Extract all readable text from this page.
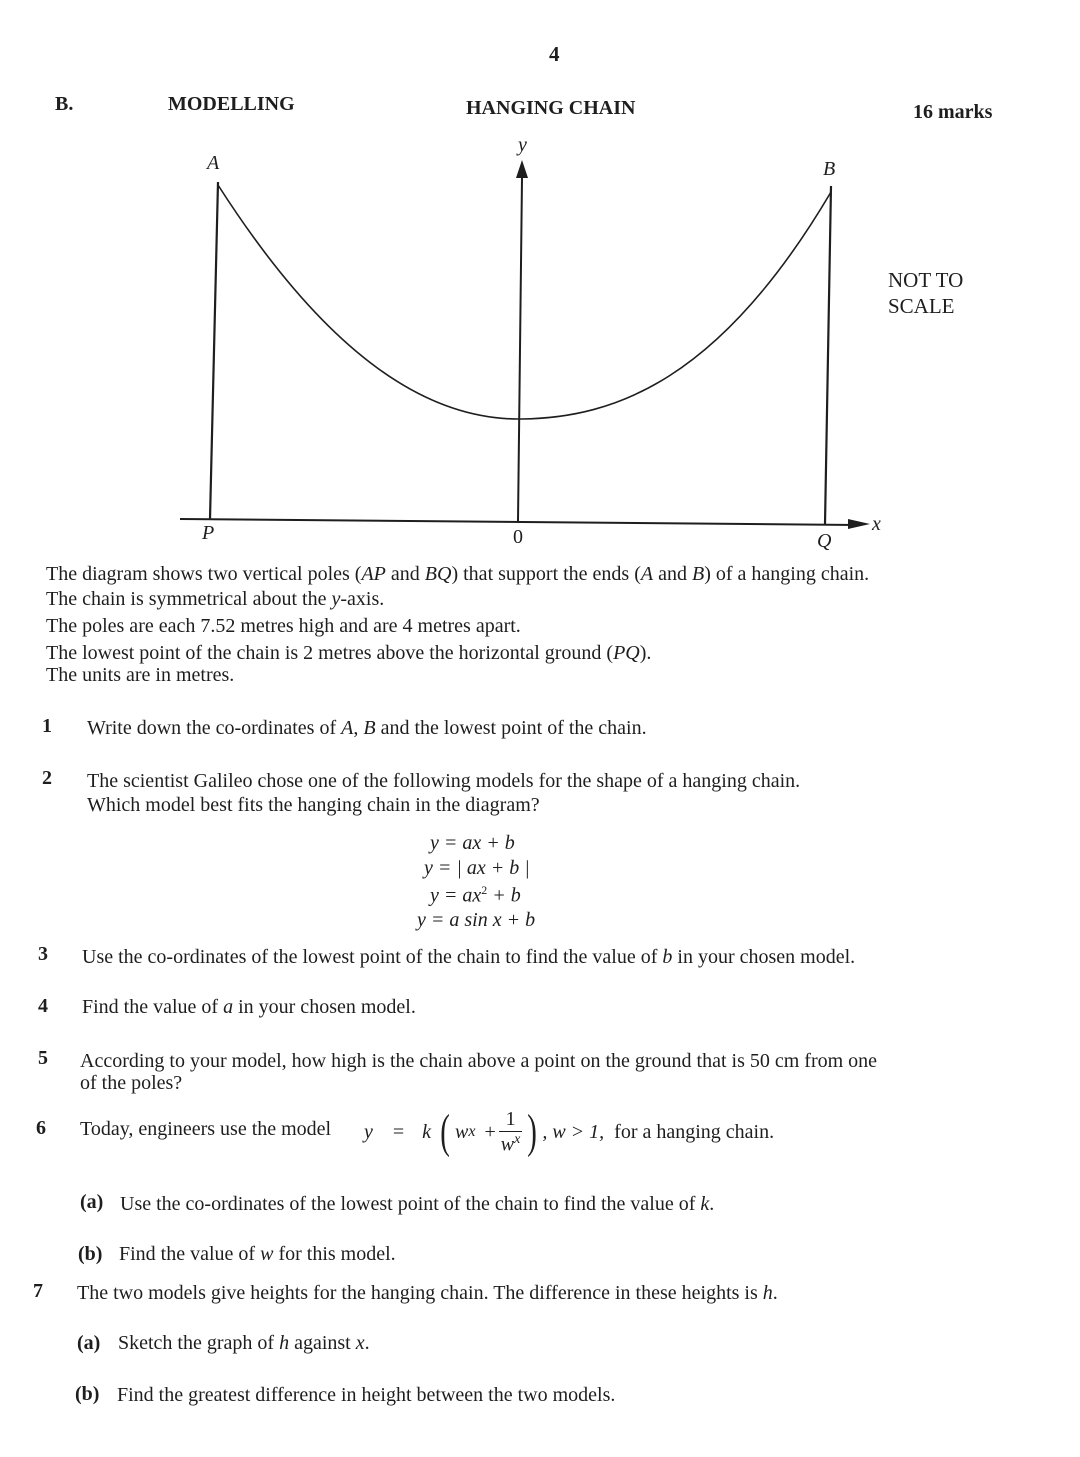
4
B.	MODELLING	HANGING CHAIN	16 marks
y
A	B
NOT TO
SCALE
P	0	Q
x
The diagram shows two vertical poles (AP and BQ) that support the ends (A and B) of a hanging chain.
The chain is symmetrical about the y-axis.
The poles are each 7.52 metres high and are 4 metres apart.
The lowest point of the chain is 2 metres above the horizontal ground (PQ).
The units are in metres.
1 Write down the co-ordinates of A, B and the lowest point of the chain.
2 The scientist Galileo chose one of the following models for the shape of a hanging chain.
Which model best fits the hanging chain in the diagram?
y = ax + b
y = | ax + b |
$y = ax^2 + b$
y = a sin x + b
3 Use the co-ordinates of the lowest point of the chain to find the value of b in your chosen model.
4 Find the value of a in your chosen model.
5 According to your model, how high is the chain above a point on the ground that is 50 cm from one
of the poles?
6 Today, engineers use the model y = k ( w $x + \frac{1}{w^x}$ ) , w > 1, for a hanging chain.
(a) Use the co-ordinates of the lowest point of the chain to find the value of k.
(b) Find the value of w for this model.
7 The two models give heights for the hanging chain. The difference in these heights is h.
(a) Sketch the graph of h against x.
(b) Find the greatest difference in height between the two models.
